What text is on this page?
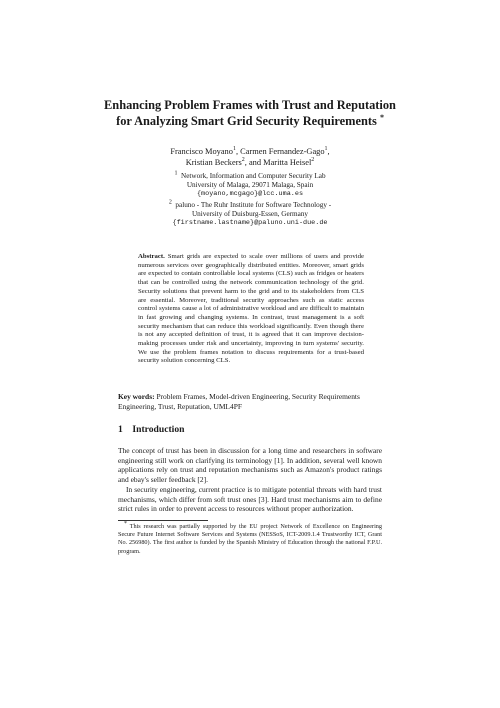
Enhancing Problem Frames with Trust and Reputation
for Analyzing Smart Grid Security Requirements *
Francisco Moyano$^1$, Carmen Fernandez-Gago$^1$,
Kristian Beckers$^2$, and Maritta Heisel$^2$
$^1$ Network, Information and Computer Security Lab
University of Malaga, 29071 Malaga, Spain
{moyano,mcgago}@lcc.uma.es
$^2$ paluno - The Ruhr Institute for Software Technology -
University of Duisburg-Essen, Germany
{firstname.lastname}@paluno.uni-due.de
Abstract. Smart grids are expected to scale over millions of users and provide numerous services over geographically distributed entities. Moreover, smart grids are expected to contain controllable local systems (CLS) such as fridges or heaters that can be controlled using the network communication technology of the grid. Security solutions that prevent harm to the grid and to its stakeholders from CLS are essential. Moreover, traditional security approaches such as static access control systems cause a lot of administrative workload and are difficult to maintain in fast growing and changing systems. In contrast, trust management is a soft security mechanism that can reduce this workload significantly. Even though there is not any accepted definition of trust, it is agreed that it can improve decision-making processes under risk and uncertainty, improving in turn systems' security. We use the problem frames notation to discuss requirements for a trust-based security solution concerning CLS.
Key words: Problem Frames, Model-driven Engineering, Security Requirements Engineering, Trust, Reputation, UML4PF
1 Introduction
The concept of trust has been in discussion for a long time and researchers in software engineering still work on clarifying its terminology [1]. In addition, several well known applications rely on trust and reputation mechanisms such as Amazon's product ratings and ebay's seller feedback [2].
In security engineering, current practice is to mitigate potential threats with hard trust mechanisms, which differ from soft trust ones [3]. Hard trust mechanisms aim to define strict rules in order to prevent access to resources without proper authorization.
* This research was partially supported by the EU project Network of Excellence on Engineering Secure Future Internet Software Services and Systems (NESSoS, ICT-2009.1.4 Trustworthy ICT, Grant No. 256980). The first author is funded by the Spanish Ministry of Education through the national F.P.U. program.
